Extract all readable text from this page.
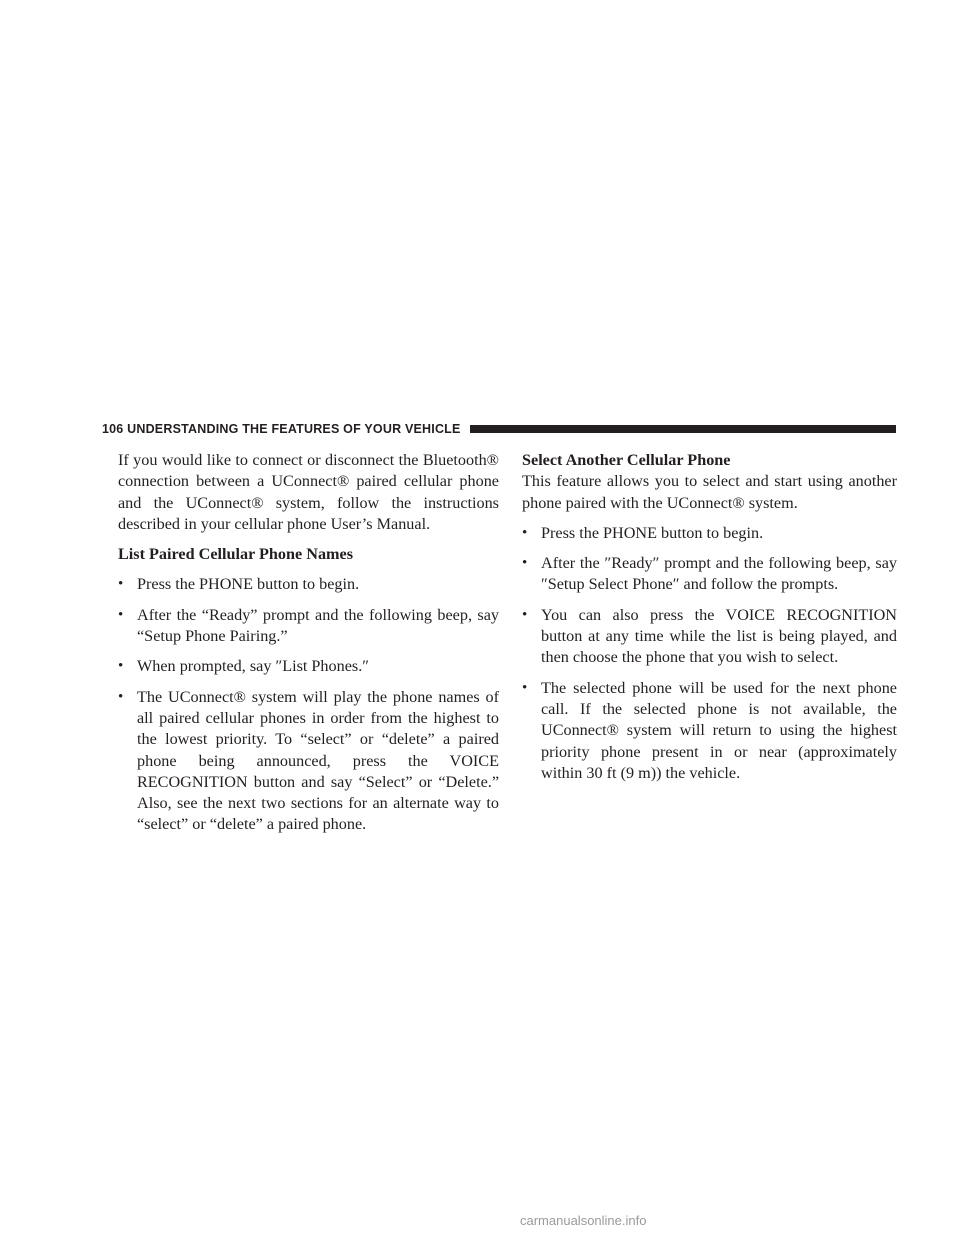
106 UNDERSTANDING THE FEATURES OF YOUR VEHICLE

If you would like to connect or disconnect the Bluetooth® connection between a UConnect® paired cellular phone and the UConnect® system, follow the instructions described in your cellular phone User’s Manual.

List Paired Cellular Phone Names

• Press the PHONE button to begin.
• After the “Ready” prompt and the following beep, say “Setup Phone Pairing.”
• When prompted, say ″List Phones.″
• The UConnect® system will play the phone names of all paired cellular phones in order from the highest to the lowest priority. To “select” or “delete” a paired phone being announced, press the VOICE RECOGNITION button and say “Select” or “Delete.” Also, see the next two sections for an alternate way to “select” or “delete” a paired phone.

Select Another Cellular Phone

This feature allows you to select and start using another phone paired with the UConnect® system.

• Press the PHONE button to begin.
• After the ″Ready″ prompt and the following beep, say ″Setup Select Phone″ and follow the prompts.
• You can also press the VOICE RECOGNITION button at any time while the list is being played, and then choose the phone that you wish to select.
• The selected phone will be used for the next phone call. If the selected phone is not available, the UConnect® system will return to using the highest priority phone present in or near (approximately within 30 ft (9 m)) the vehicle.
carmanualsonline.info
